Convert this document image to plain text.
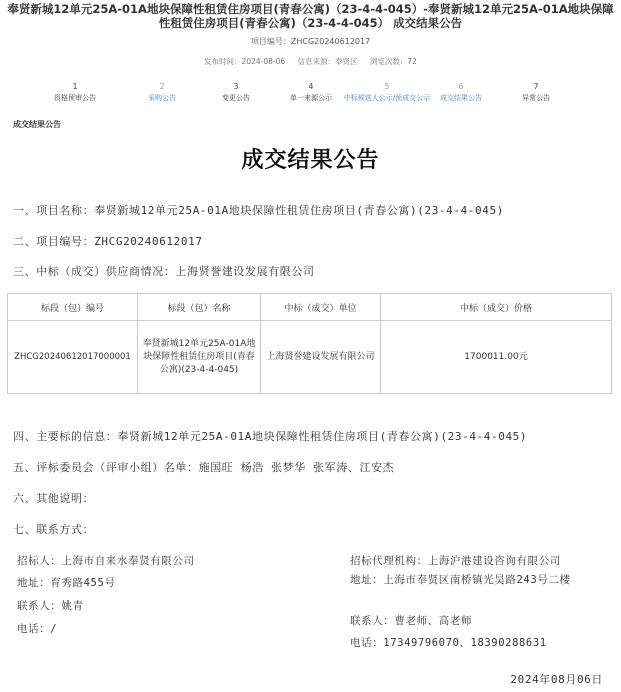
奉贤新城12单元25A-01A地块保障性租赁住房项目(青春公寓)（23-4-4-045）-奉贤新城12单元25A-01A地块保障
性租赁住房项目(青春公寓)（23-4-4-045） 成交结果公告
项目编号：ZHCG20240612017
发布时间：2024-08-06 信息来源：奉贤区 浏览次数：72
1
资格预审公告
2
采购公告
3
变更公告
4
单一来源公示
5
中标候选人公示/预成交公示
6
成交结果公告
7
异常公告
成交结果公告
成交结果公告
一、项目名称：奉贤新城12单元25A-01A地块保障性租赁住房项目(青春公寓)(23-4-4-045)
二、项目编号：ZHCG20240612017
三、中标（成交）供应商情况：上海贤誉建设发展有限公司
标段（包）编号	标段（包）名称	中标（成交）单位	中标（成交）价格
ZHCG20240612017000001	奉贤新城12单元25A-01A地块保障性租赁住房项目(青春公寓)(23-4-4-045)	上海贤誉建设发展有限公司	1700011.00元
四、主要标的信息：奉贤新城12单元25A-01A地块保障性租赁住房项目(青春公寓)(23-4-4-045)
五、评标委员会（评审小组）名单：施国旺 杨浩 张梦华 张军涛、江安杰
六、其他说明：
七、联系方式：
招标人：上海市自来水奉贤有限公司
地址：育秀路455号
联系人：姚青
电话：/
招标代理机构：上海沪港建设咨询有限公司
地址：上海市奉贤区南桥镇光昊路243号二楼
联系人：曹老师、高老师
电话：17349796070、18390288631
2024年08月06日
